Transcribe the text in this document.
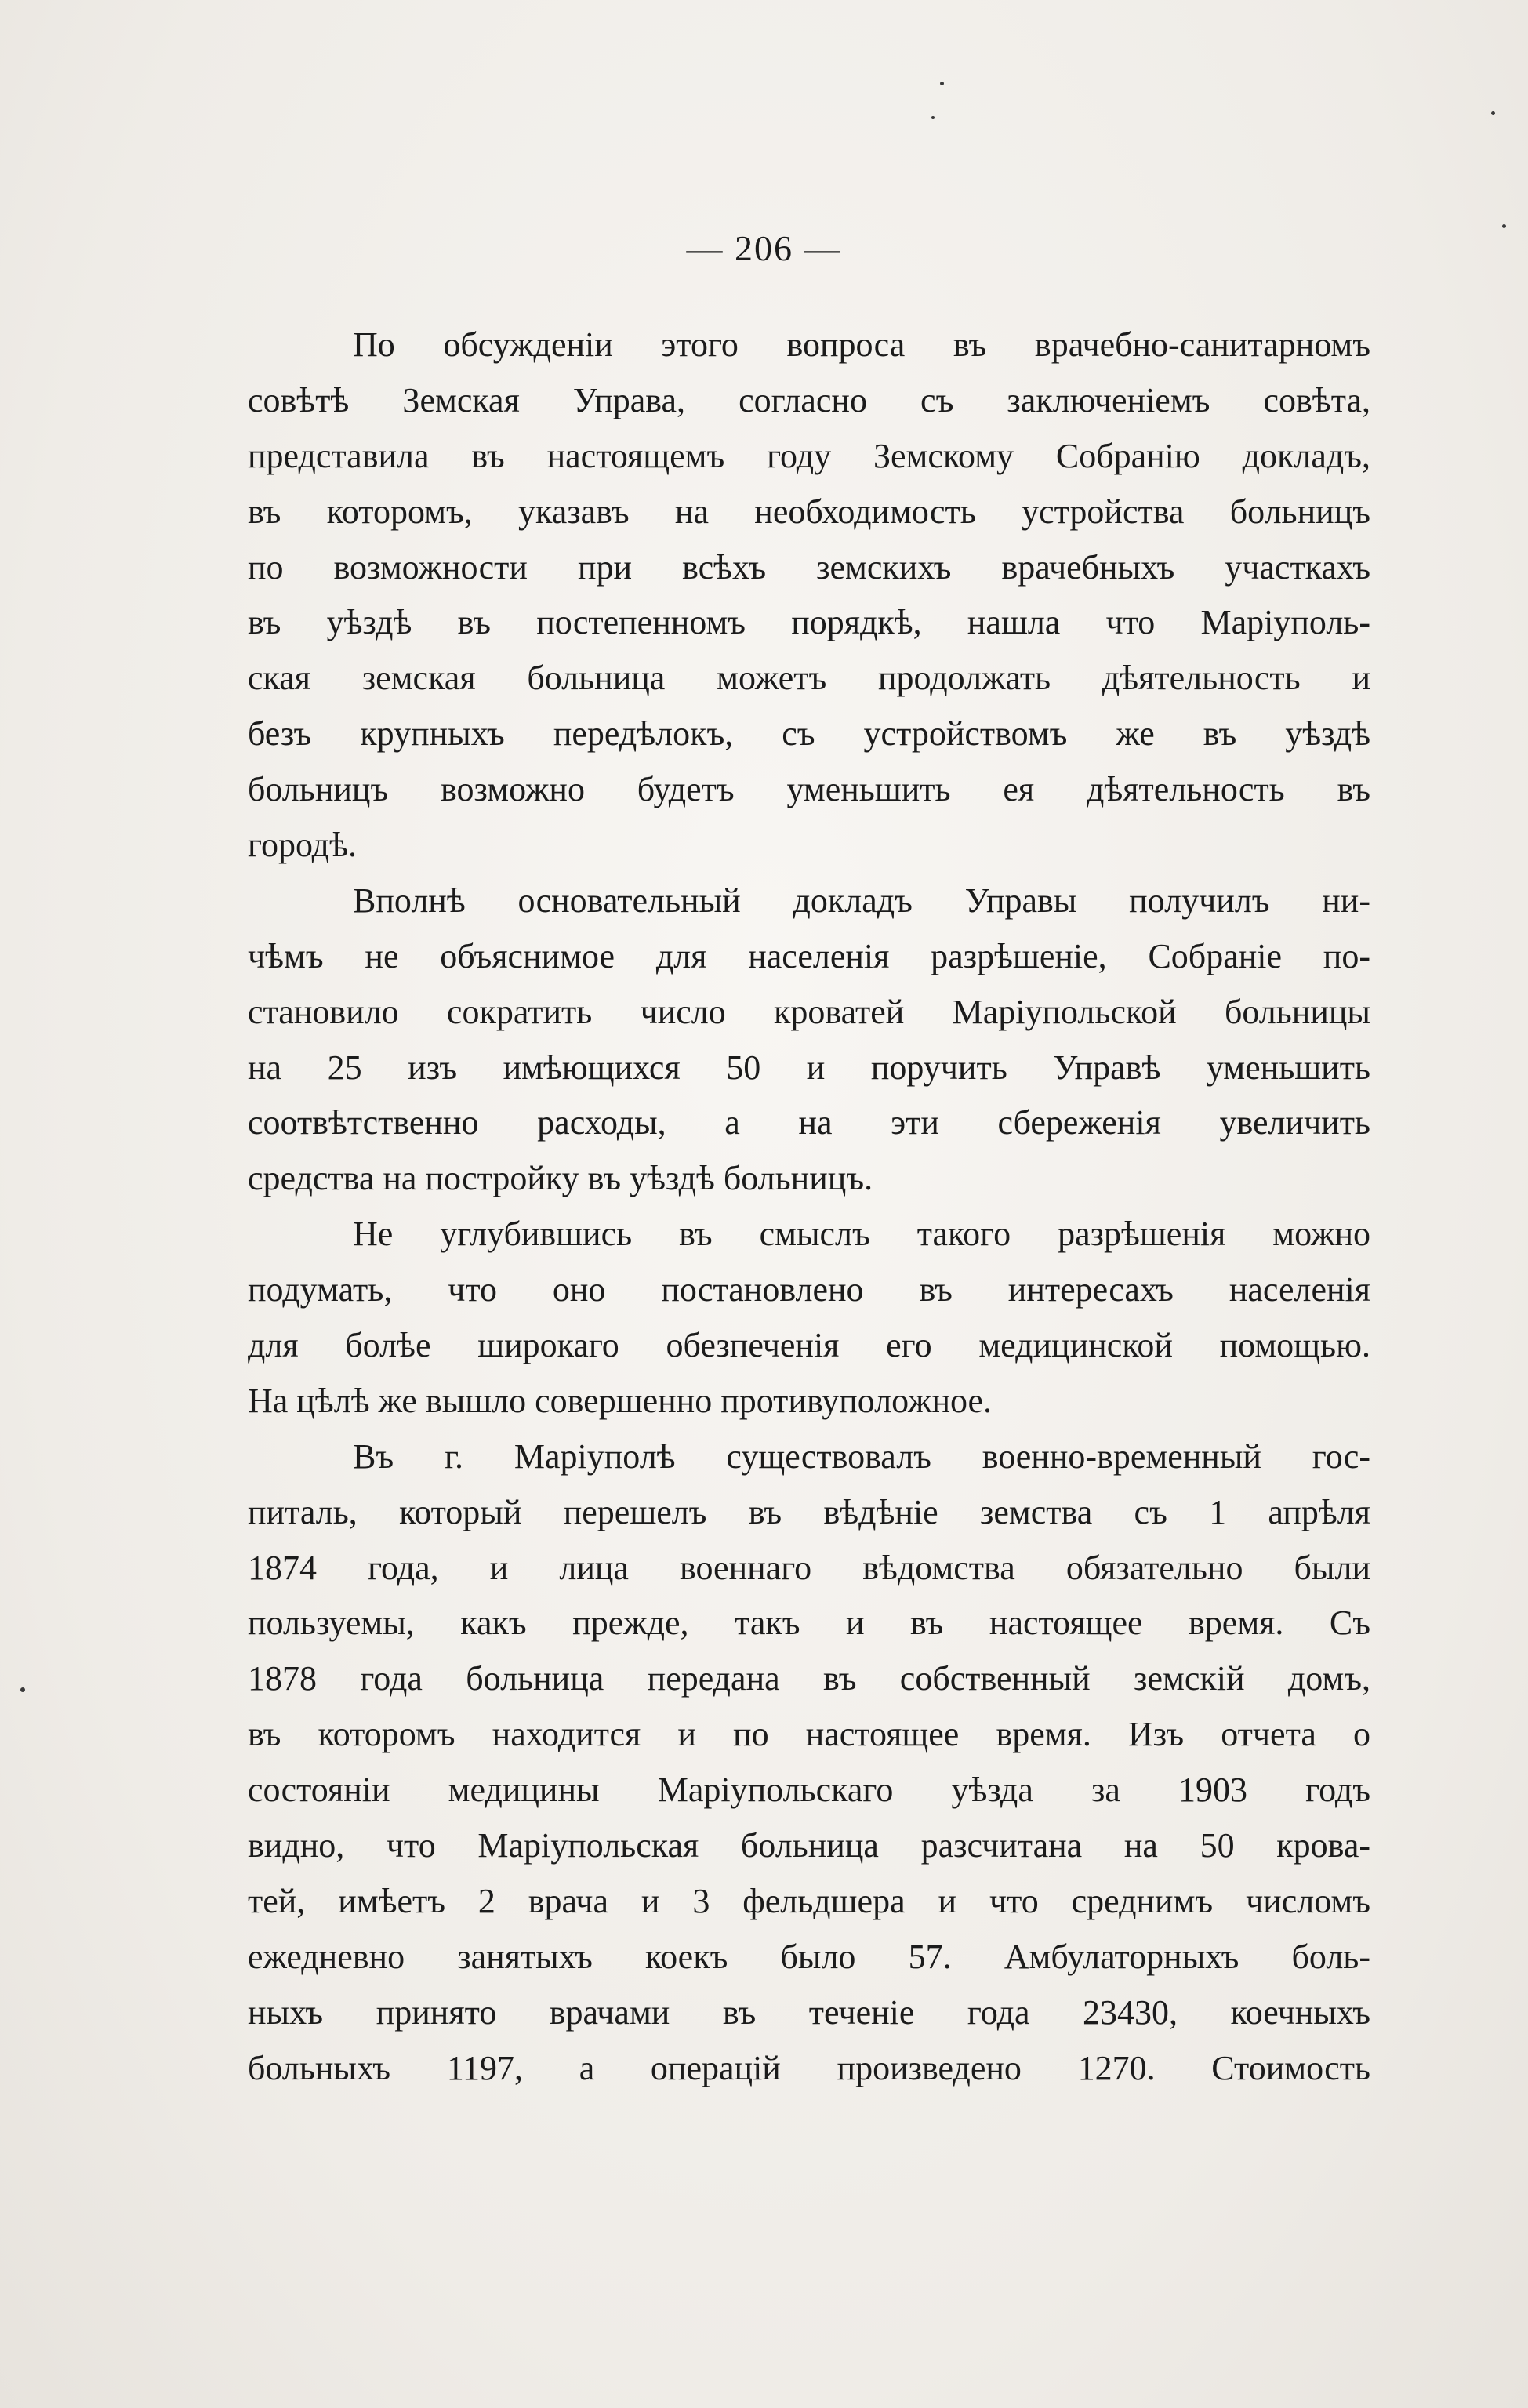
— 206 —

По обсужденіи этого вопроса въ врачебно-санитарномъ
совѣтѣ Земская Управа, согласно съ заключеніемъ совѣта,
представила въ настоящемъ году Земскому Собранію докладъ,
въ которомъ, указавъ на необходимость устройства больницъ
по возможности при всѣхъ земскихъ врачебныхъ участкахъ
въ уѣздѣ въ постепенномъ порядкѣ, нашла что Маріуполь-
ская земская больница можетъ продолжать дѣятельность и
безъ крупныхъ передѣлокъ, съ устройствомъ же въ уѣздѣ
больницъ возможно будетъ уменьшить ея дѣятельность въ
городѣ.

Вполнѣ основательный докладъ Управы получилъ ни-
чѣмъ не объяснимое для населенія разрѣшеніе, Собраніе по-
становило сократить число кроватей Маріупольской больницы
на 25 изъ имѣющихся 50 и поручить Управѣ уменьшить
соотвѣтственно расходы, а на эти сбереженія увеличить
средства на постройку въ уѣздѣ больницъ.

Не углубившись въ смыслъ такого разрѣшенія можно
подумать, что оно постановлено въ интересахъ населенія
для болѣе широкаго обезпеченія его медицинской помощью.
На цѣлѣ же вышло совершенно противуположное.

Въ г. Маріуполѣ существовалъ военно-временный гос-
питаль, который перешелъ въ вѣдѣніе земства съ 1 апрѣля
1874 года, и лица военнаго вѣдомства обязательно были
пользуемы, какъ прежде, такъ и въ настоящее время. Съ
1878 года больница передана въ собственный земскій домъ,
въ которомъ находится и по настоящее время. Изъ отчета о
состояніи медицины Маріупольскаго уѣзда за 1903 годъ
видно, что Маріупольская больница разсчитана на 50 крова-
тей, имѣетъ 2 врача и 3 фельдшера и что среднимъ числомъ
ежедневно занятыхъ коекъ было 57. Амбулаторныхъ боль-
ныхъ принято врачами въ теченіе года 23430, коечныхъ
больныхъ 1197, а операцій произведено 1270. Стоимость
